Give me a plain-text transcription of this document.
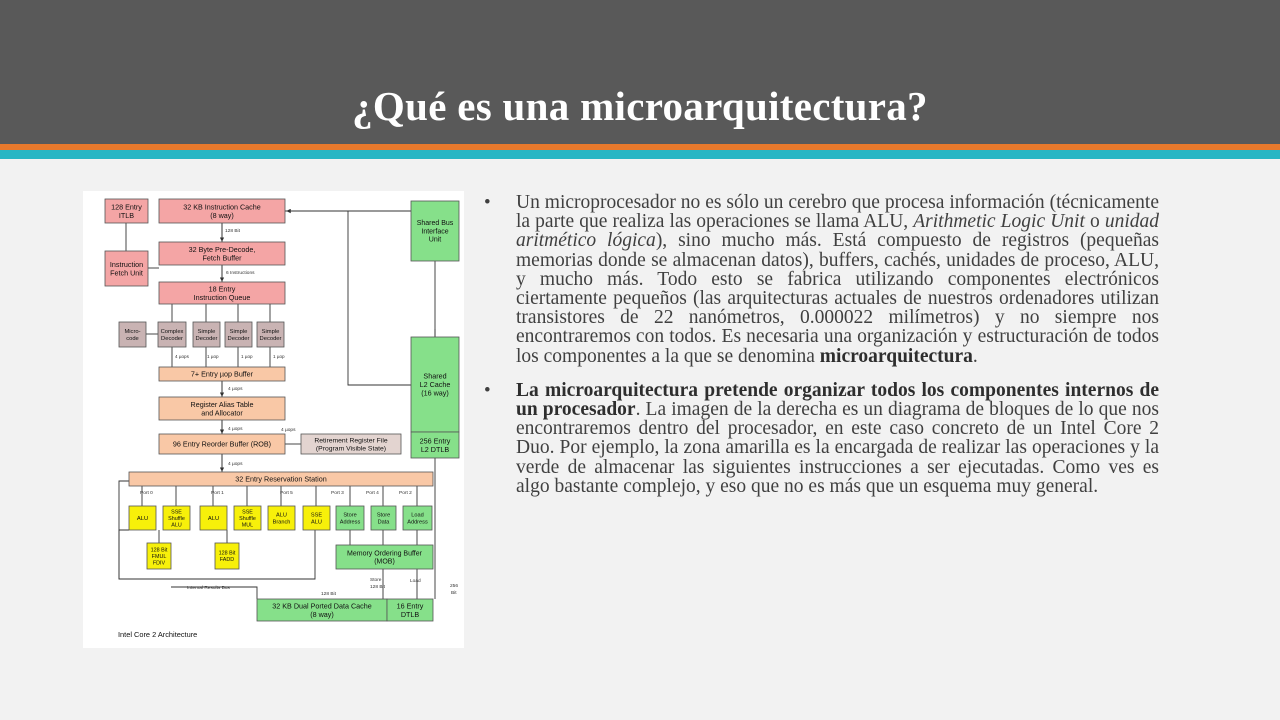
¿Qué es una microarquitectura?
128 Entry
ITLB
32 KB Instruction Cache
(8 way)
32 Byte Pre-Decode,
Fetch Buffer
Instruction
Fetch Unit
18 Entry
Instruction Queue
Micro-
code
Complex
Decoder
Simple
Decoder
Simple
Decoder
Simple
Decoder
7+ Entry µop Buffer
Register Alias Table
and Allocator
96 Entry Reorder Buffer (ROB)	Retirement Register File
(Program Visible State)
32 Entry Reservation Station
ALU
SSE
Shuffle
ALU
ALU
SSE
Shuffle
MUL
ALU
Branch
SSE
ALU
Store
Address
Store
Data
Load
Address
128 Bit
FMUL
FDIV
128 Bit
FADD
Memory Ordering Buffer
(MOB)
32 KB Dual Ported Data Cache
(8 way)
16 Entry
DTLB
Shared Bus
Interface
Unit
Shared
L2 Cache
(16 way)
256 Entry
L2 DTLB
128 Bit
6 Instructions
4 µops	1 µop	1 µop	1 µop
4 µops
4 µops	4 µops
4 µops
Port 0	Port 1	Port 5	Port 3	Port 4	Port 2
Internal Results Bus
Store
128 Bit
Load
128 Bit
256
Bit
Intel Core 2 Architecture
• Un microprocesador no es sólo un cerebro que procesa información (técnicamente la parte que realiza las operaciones se llama ALU, Arithmetic Logic Unit o unidad aritmético lógica), sino mucho más. Está compuesto de registros (pequeñas memorias donde se almacenan datos), buffers, cachés, unidades de proceso, ALU, y mucho más. Todo esto se fabrica utilizando componentes electrónicos ciertamente pequeños (las arquitecturas actuales de nuestros ordenadores utilizan transistores de 22 nanómetros, 0.000022 milímetros) y no siempre nos encontraremos con todos. Es necesaria una organización y estructuración de todos los componentes a la que se denomina microarquitectura.
• La microarquitectura pretende organizar todos los componentes internos de un procesador. La imagen de la derecha es un diagrama de bloques de lo que nos encontraremos dentro del procesador, en este caso concreto de un Intel Core 2 Duo. Por ejemplo, la zona amarilla es la encargada de realizar las operaciones y la verde de almacenar las siguientes instrucciones a ser ejecutadas. Como ves es algo bastante complejo, y eso que no es más que un esquema muy general.
